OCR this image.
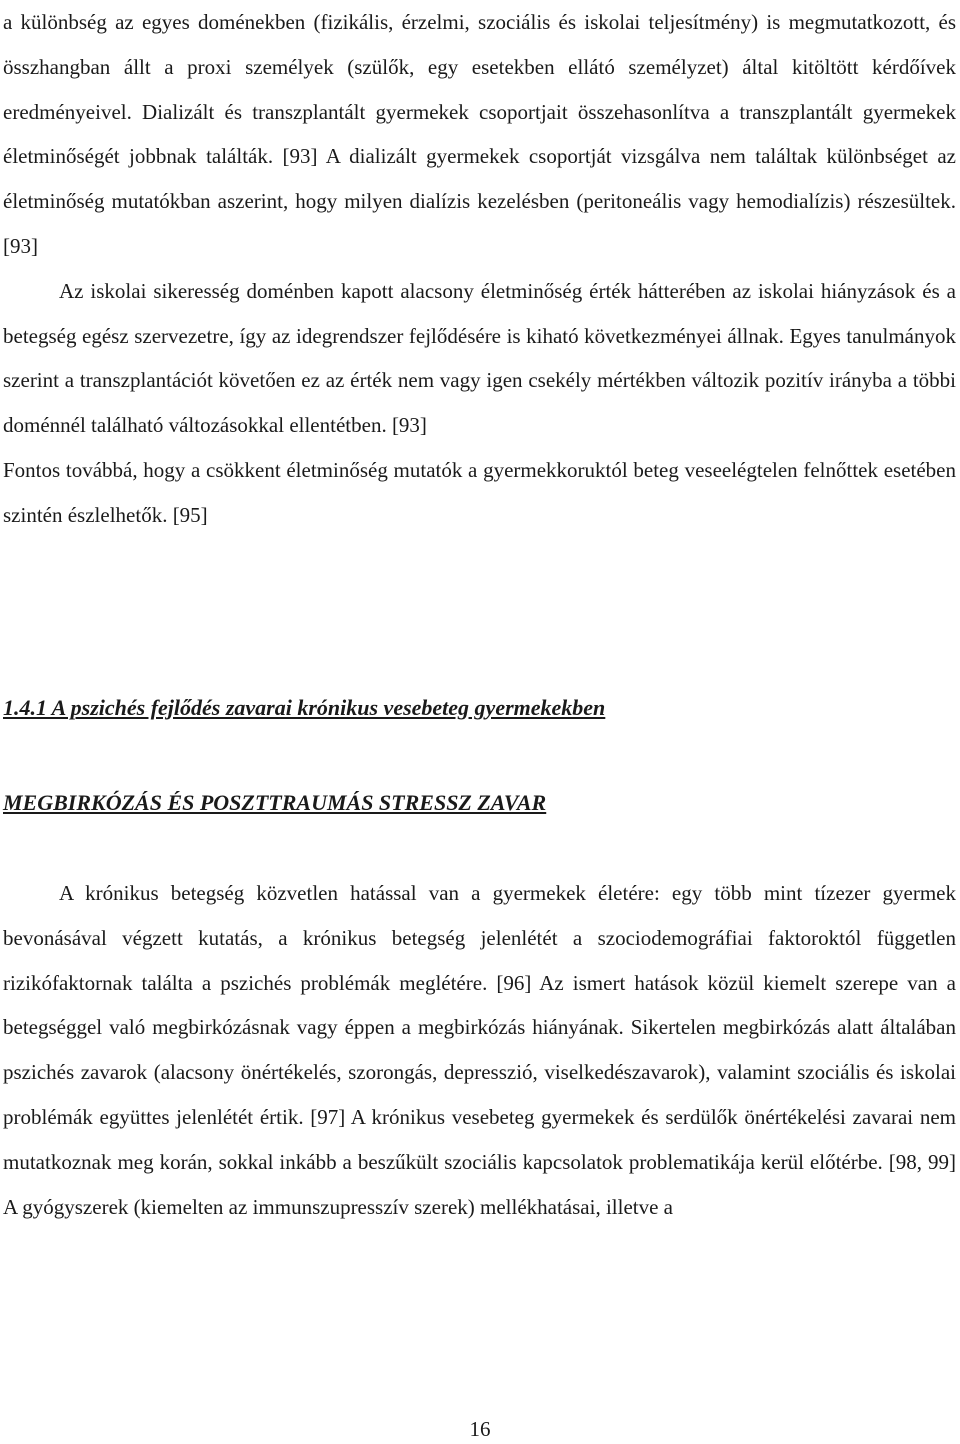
a különbség az egyes doménekben (fizikális, érzelmi, szociális és iskolai teljesítmény) is megmutatkozott, és összhangban állt a proxi személyek (szülők, egy esetekben ellátó személyzet) által kitöltött kérdőívek eredményeivel. Dializált és transzplantált gyermekek csoportjait összehasonlítva a transzplantált gyermekek életminőségét jobbnak találták. [93] A dializált gyermekek csoportját vizsgálva nem találtak különbséget az életminőség mutatókban aszerint, hogy milyen dialízis kezelésben (peritoneális vagy hemodialízis) részesültek. [93]

Az iskolai sikeresség doménben kapott alacsony életminőség érték hátterében az iskolai hiányzások és a betegség egész szervezetre, így az idegrendszer fejlődésére is kiható következményei állnak. Egyes tanulmányok szerint a transzplantációt követően ez az érték nem vagy igen csekély mértékben változik pozitív irányba a többi doménnél található változásokkal ellentétben. [93]

Fontos továbbá, hogy a csökkent életminőség mutatók a gyermekkoruktól beteg veseelégtelen felnőttek esetében szintén észlelhetők. [95]

1.4.1 A pszichés fejlődés zavarai krónikus vesebeteg gyermekekben
MEGBIRKÓZÁS ÉS POSZTTRAUMÁS STRESSZ ZAVAR

A krónikus betegség közvetlen hatással van a gyermekek életére: egy több mint tízezer gyermek bevonásával végzett kutatás, a krónikus betegség jelenlétét a szociodemográfiai faktoroktól független rizikófaktornak találta a pszichés problémák meglétére. [96] Az ismert hatások közül kiemelt szerepe van a betegséggel való megbirkózásnak vagy éppen a megbirkózás hiányának. Sikertelen megbirkózás alatt általában pszichés zavarok (alacsony önértékelés, szorongás, depresszió, viselkedészavarok), valamint szociális és iskolai problémák együttes jelenlétét értik. [97] A krónikus vesebeteg gyermekek és serdülők önértékelési zavarai nem mutatkoznak meg korán, sokkal inkább a beszűkült szociális kapcsolatok problematikája kerül előtérbe. [98, 99] A gyógyszerek (kiemelten az immunszupresszív szerek) mellékhatásai, illetve a

16
